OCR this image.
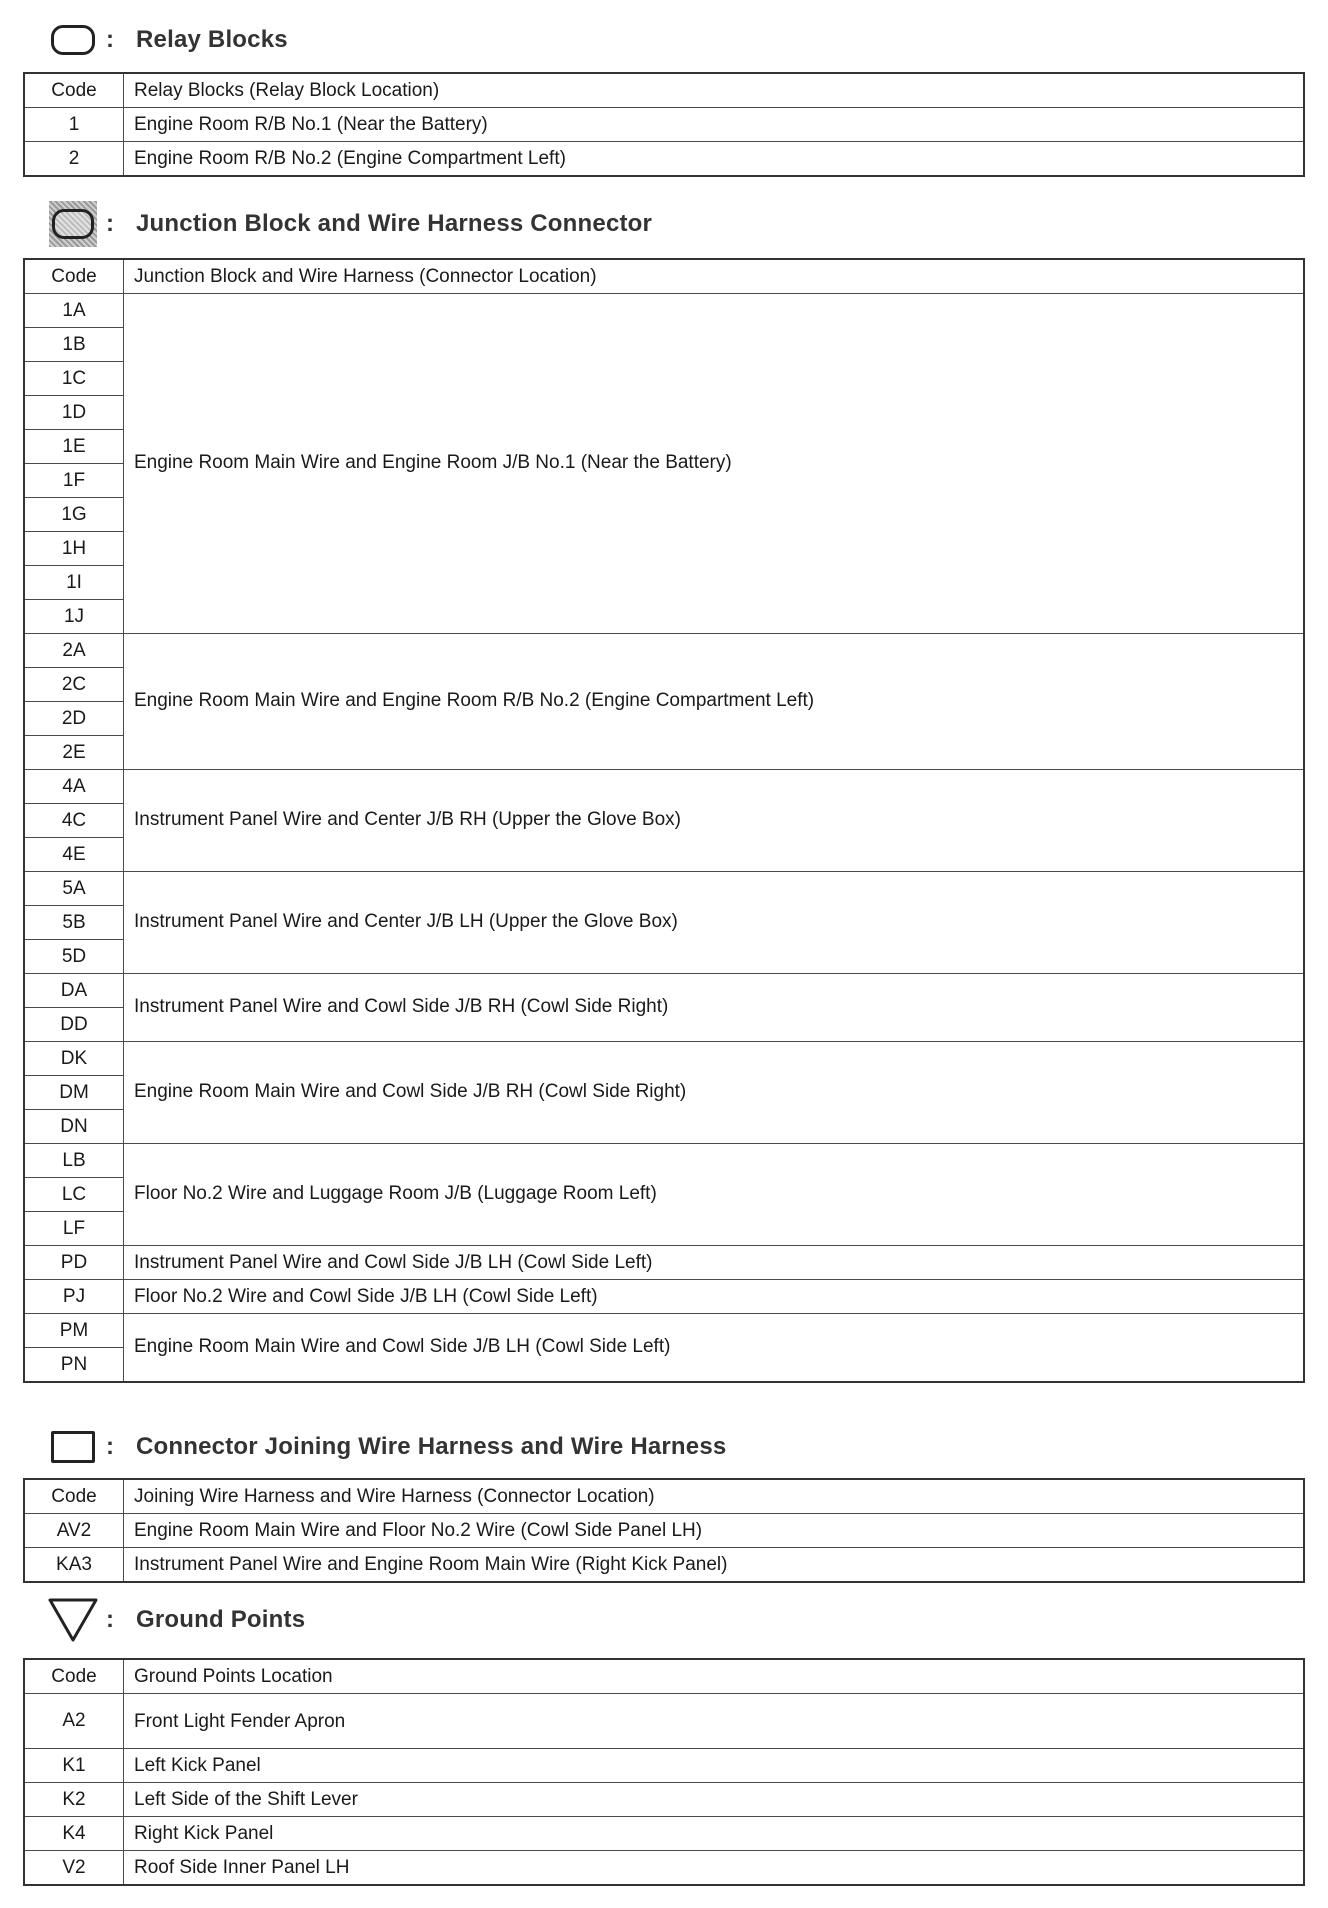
: Relay Blocks
Code	Relay Blocks (Relay Block Location)
1	Engine Room R/B No.1 (Near the Battery)
2	Engine Room R/B No.2 (Engine Compartment Left)
: Junction Block and Wire Harness Connector
Code	Junction Block and Wire Harness (Connector Location)
1A	Engine Room Main Wire and Engine Room J/B No.1 (Near the Battery)
1B	
1C	
1D	
1E	
1F	
1G	
1H	
1I	
1J	
2A	Engine Room Main Wire and Engine Room R/B No.2 (Engine Compartment Left)
2C	
2D	
2E	
4A	Instrument Panel Wire and Center J/B RH (Upper the Glove Box)
4C	
4E	
5A	Instrument Panel Wire and Center J/B LH (Upper the Glove Box)
5B	
5D	
DA	Instrument Panel Wire and Cowl Side J/B RH (Cowl Side Right)
DD	
DK	Engine Room Main Wire and Cowl Side J/B RH (Cowl Side Right)
DM	
DN	
LB	Floor No.2 Wire and Luggage Room J/B (Luggage Room Left)
LC	
LF	
PD	Instrument Panel Wire and Cowl Side J/B LH (Cowl Side Left)
PJ	Floor No.2 Wire and Cowl Side J/B LH (Cowl Side Left)
PM	Engine Room Main Wire and Cowl Side J/B LH (Cowl Side Left)
PN	
: Connector Joining Wire Harness and Wire Harness
Code	Joining Wire Harness and Wire Harness (Connector Location)
AV2	Engine Room Main Wire and Floor No.2 Wire (Cowl Side Panel LH)
KA3	Instrument Panel Wire and Engine Room Main Wire (Right Kick Panel)
: Ground Points
Code	Ground Points Location
A2	Front Light Fender Apron
K1	Left Kick Panel
K2	Left Side of the Shift Lever
K4	Right Kick Panel
V2	Roof Side Inner Panel LH
